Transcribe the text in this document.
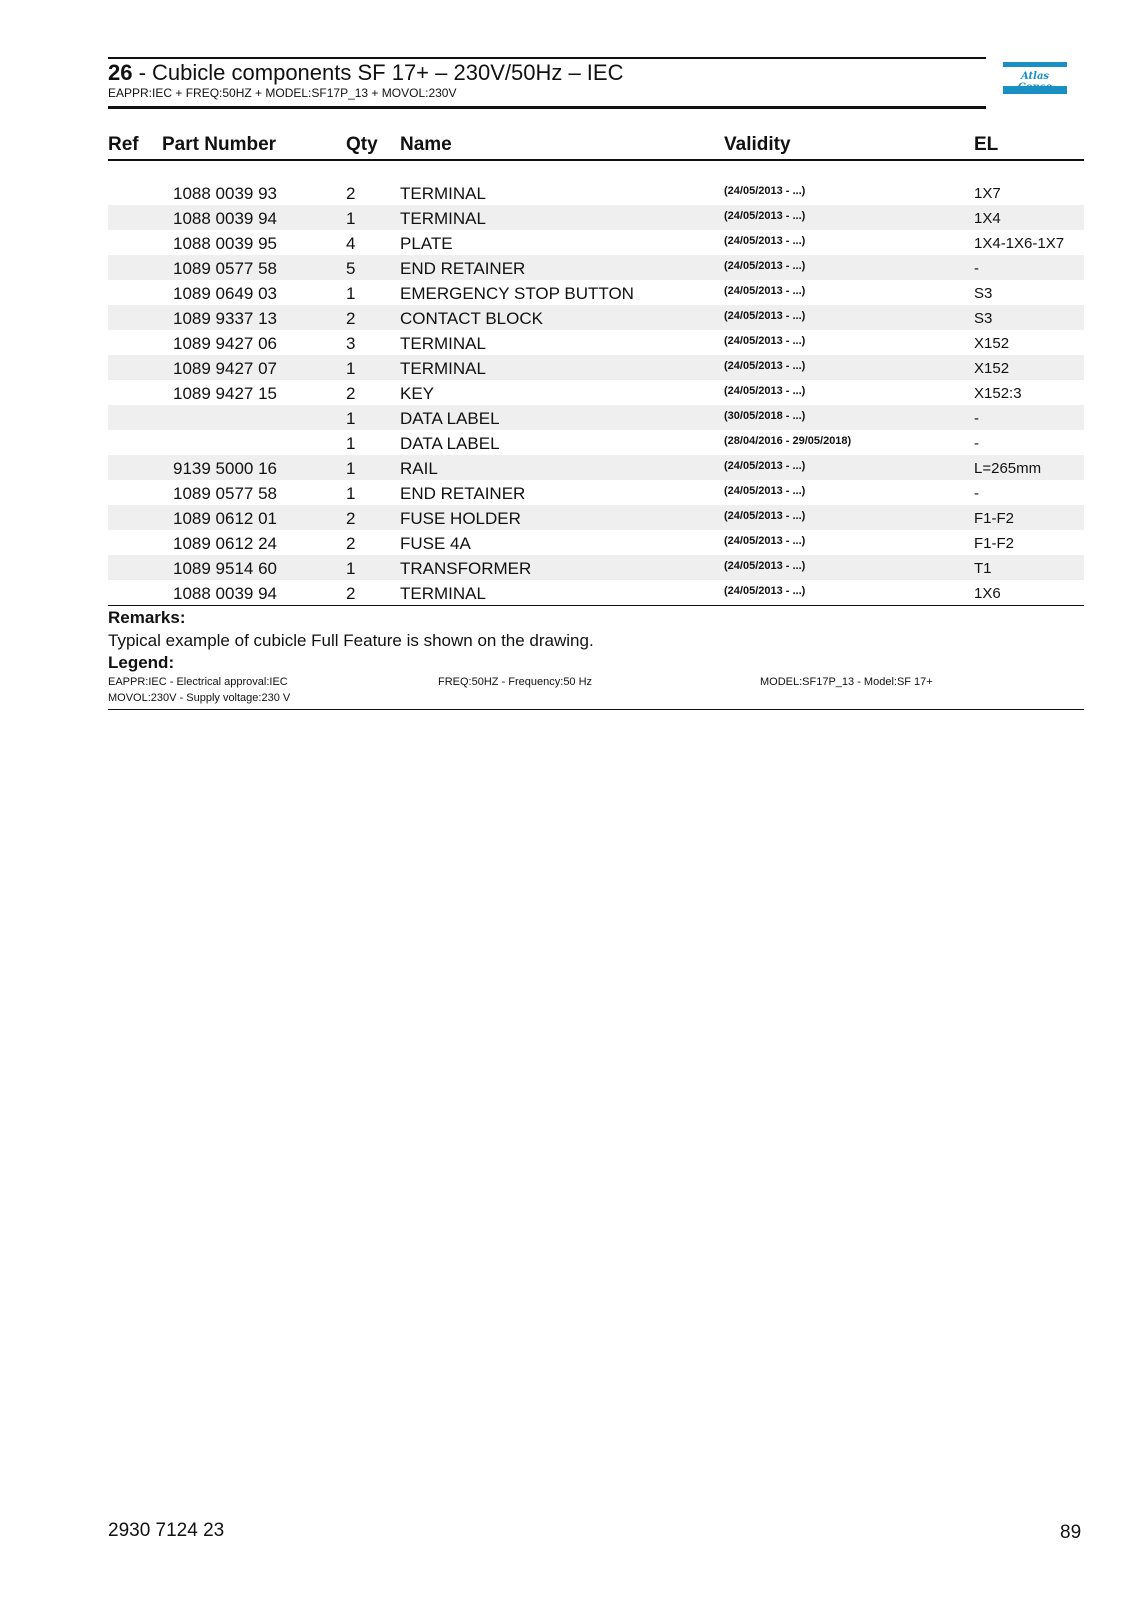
26 - Cubicle components SF 17+ – 230V/50Hz – IEC
EAPPR:IEC + FREQ:50HZ + MODEL:SF17P_13 + MOVOL:230V
Atlas
Ref Part Number	Qty Name	Validity	EL
1088 0039 93	2	TERMINAL	(24/05/2013 - ...)	1X7
1088 0039 94	1	TERMINAL	(24/05/2013 - ...)	1X4
1088 0039 95	4	PLATE	(24/05/2013 - ...)	1X4-1X6-1X7
1089 0577 58	5	END RETAINER	(24/05/2013 - ...)	-
1089 0649 03	1	EMERGENCY STOP BUTTON	(24/05/2013 - ...)	S3
1089 9337 13	2	CONTACT BLOCK	(24/05/2013 - ...)	S3
1089 9427 06	3	TERMINAL	(24/05/2013 - ...)	X152
1089 9427 07	1	TERMINAL	(24/05/2013 - ...)	X152
1089 9427 15	2	KEY	(24/05/2013 - ...)	X152:3
1	DATA LABEL	(30/05/2018 - ...)	-
1	DATA LABEL	(28/04/2016 - 29/05/2018)	-
9139 5000 16	1	RAIL	(24/05/2013 - ...)	L=265mm
1089 0577 58	1	END RETAINER	(24/05/2013 - ...)	-
1089 0612 01	2	FUSE HOLDER	(24/05/2013 - ...)	F1-F2
1089 0612 24	2	FUSE 4A	(24/05/2013 - ...)	F1-F2
1089 9514 60	1	TRANSFORMER	(24/05/2013 - ...)	T1
1088 0039 94	2	TERMINAL	(24/05/2013 - ...)	1X6
Remarks:
Typical example of cubicle Full Feature is shown on the drawing.
Legend:
EAPPR:IEC - Electrical approval:IEC	FREQ:50HZ - Frequency:50 Hz	MODEL:SF17P_13 - Model:SF 17+
MOVOL:230V - Supply voltage:230 V
2930 7124 23	89
